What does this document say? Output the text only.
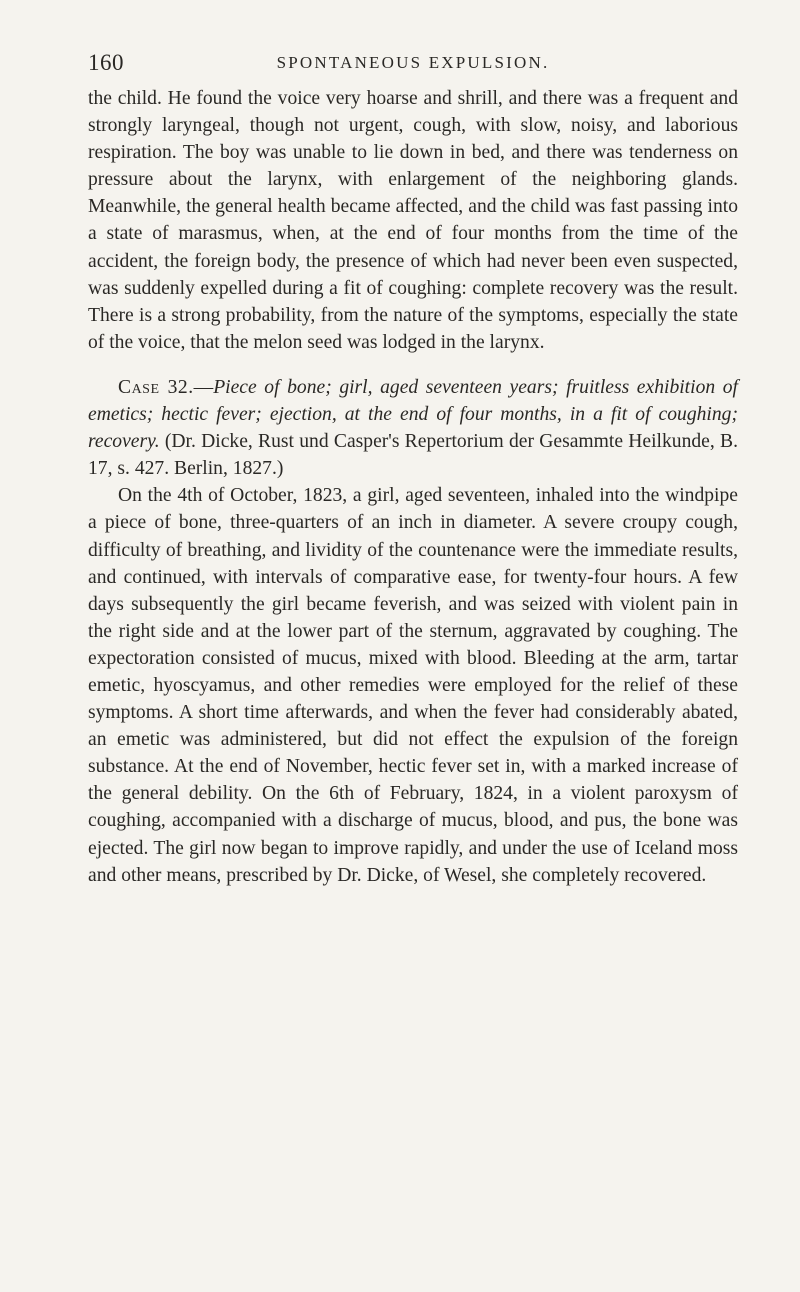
160	SPONTANEOUS EXPULSION.

the child. He found the voice very hoarse and shrill, and there was a frequent and strongly laryngeal, though not urgent, cough, with slow, noisy, and laborious respiration. The boy was unable to lie down in bed, and there was tenderness on pressure about the larynx, with enlargement of the neighboring glands. Meanwhile, the general health became affected, and the child was fast passing into a state of marasmus, when, at the end of four months from the time of the accident, the foreign body, the presence of which had never been even suspected, was suddenly expelled during a fit of coughing: complete recovery was the result. There is a strong probability, from the nature of the symptoms, especially the state of the voice, that the melon seed was lodged in the larynx.

Case 32.—Piece of bone; girl, aged seventeen years; fruitless exhibition of emetics; hectic fever; ejection, at the end of four months, in a fit of coughing; recovery. (Dr. Dicke, Rust und Casper's Repertorium der Gesammte Heilkunde, B. 17, s. 427. Berlin, 1827.)

On the 4th of October, 1823, a girl, aged seventeen, inhaled into the windpipe a piece of bone, three-quarters of an inch in diameter. A severe croupy cough, difficulty of breathing, and lividity of the countenance were the immediate results, and continued, with intervals of comparative ease, for twenty-four hours. A few days subsequently the girl became feverish, and was seized with violent pain in the right side and at the lower part of the sternum, aggravated by coughing. The expectoration consisted of mucus, mixed with blood. Bleeding at the arm, tartar emetic, hyoscyamus, and other remedies were employed for the relief of these symptoms. A short time afterwards, and when the fever had considerably abated, an emetic was administered, but did not effect the expulsion of the foreign substance. At the end of November, hectic fever set in, with a marked increase of the general debility. On the 6th of February, 1824, in a violent paroxysm of coughing, accompanied with a discharge of mucus, blood, and pus, the bone was ejected. The girl now began to improve rapidly, and under the use of Iceland moss and other means, prescribed by Dr. Dicke, of Wesel, she completely recovered.
